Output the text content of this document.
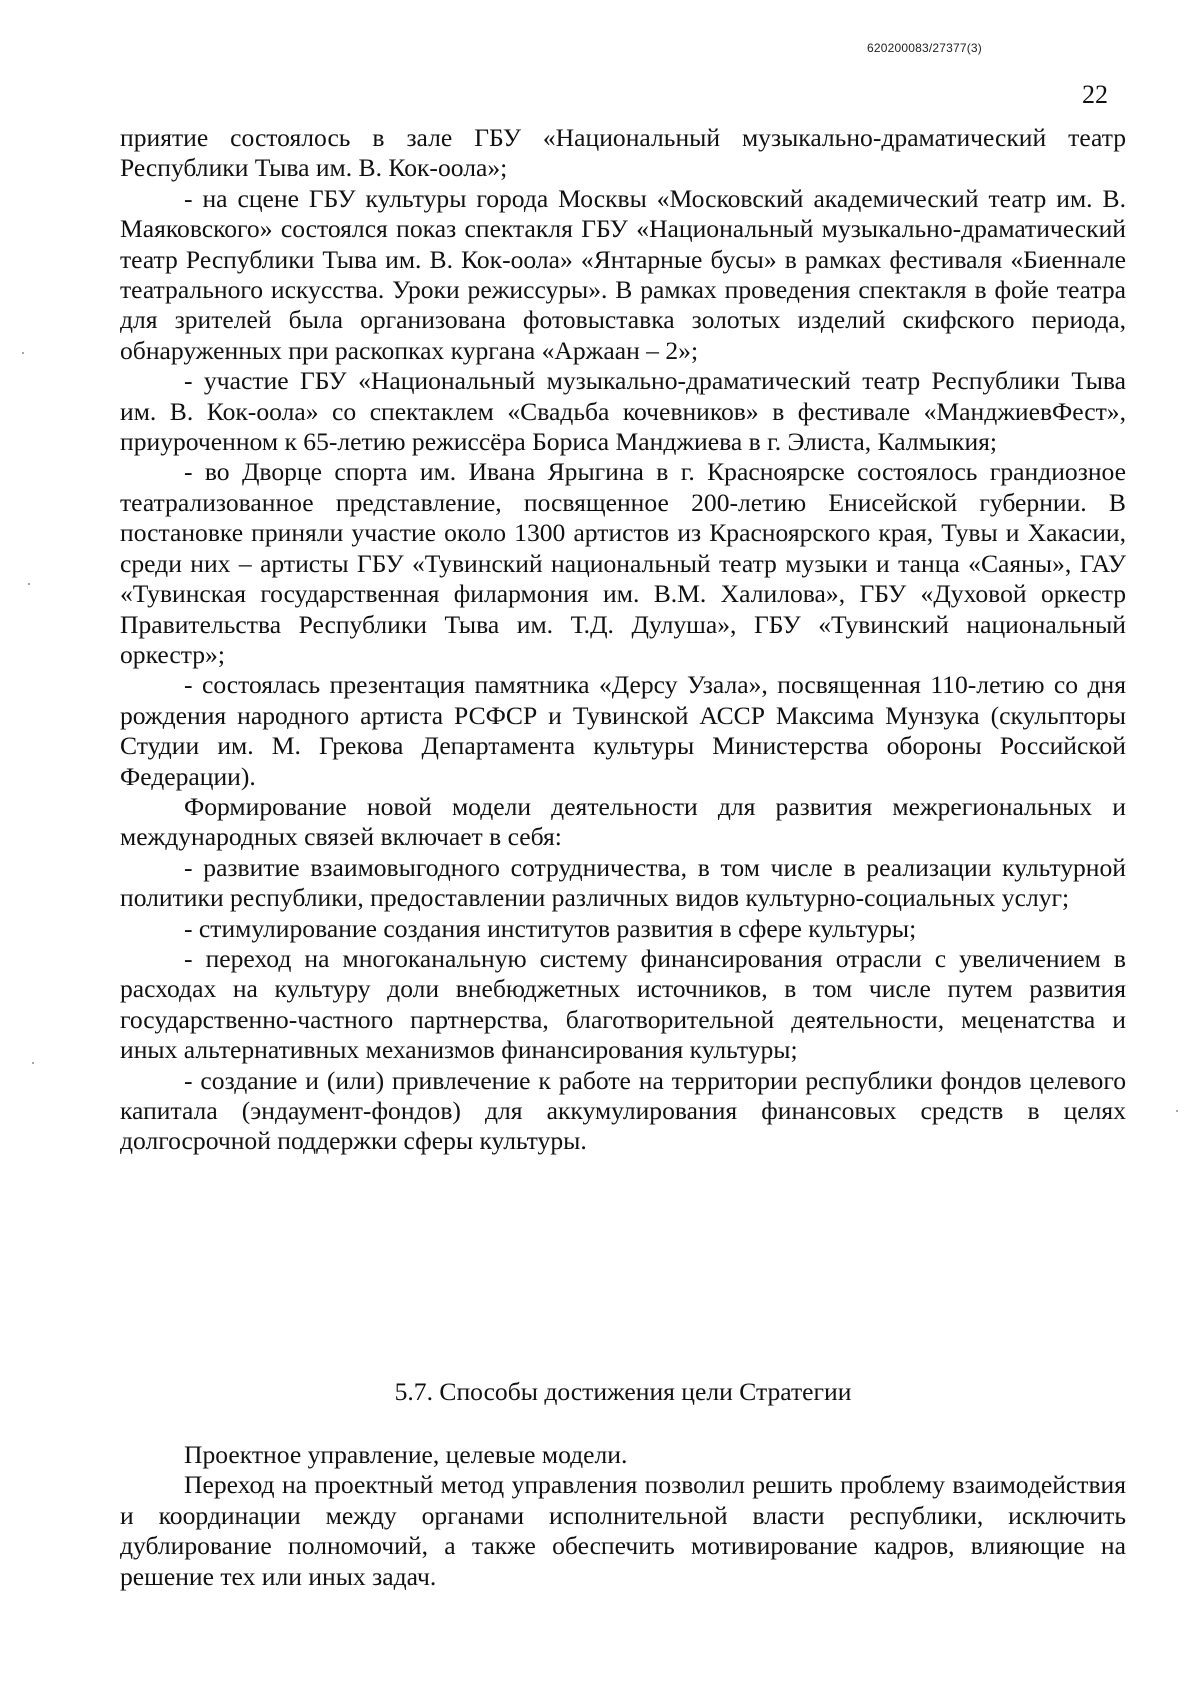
620200083/27377(3)
22

приятие состоялось в зале ГБУ «Национальный музыкально-драматический театр Республики Тыва им. В. Кок-оола»;

- на сцене ГБУ культуры города Москвы «Московский академический театр им. В. Маяковского» состоялся показ спектакля ГБУ «Национальный музыкально-драматический театр Республики Тыва им. В. Кок-оола» «Янтарные бусы» в рамках фестиваля «Биеннале театрального искусства. Уроки режиссуры». В рамках проведения спектакля в фойе театра для зрителей была организована фотовыставка золотых изделий скифского периода, обнаруженных при раскопках кургана «Аржаан – 2»;

- участие ГБУ «Национальный музыкально-драматический театр Республики Тыва им. В. Кок-оола» со спектаклем «Свадьба кочевников» в фестивале «МанджиевФест», приуроченном к 65-летию режиссёра Бориса Манджиева в г. Элиста, Калмыкия;

- во Дворце спорта им. Ивана Ярыгина в г. Красноярске состоялось грандиозное театрализованное представление, посвященное 200-летию Енисейской губернии. В постановке приняли участие около 1300 артистов из Красноярского края, Тувы и Хакасии, среди них – артисты ГБУ «Тувинский национальный театр музыки и танца «Саяны», ГАУ «Тувинская государственная филармония им. В.М. Халилова», ГБУ «Духовой оркестр Правительства Республики Тыва им. Т.Д. Дулуша», ГБУ «Тувинский национальный оркестр»;

- состоялась презентация памятника «Дерсу Узала», посвященная 110-летию со дня рождения народного артиста РСФСР и Тувинской АССР Максима Мунзука (скульпторы Студии им. М. Грекова Департамента культуры Министерства обороны Российской Федерации).

Формирование новой модели деятельности для развития межрегиональных и международных связей включает в себя:

- развитие взаимовыгодного сотрудничества, в том числе в реализации культурной политики республики, предоставлении различных видов культурно-социальных услуг;

- стимулирование создания институтов развития в сфере культуры;

- переход на многоканальную систему финансирования отрасли с увеличением в расходах на культуру доли внебюджетных источников, в том числе путем развития государственно-частного партнерства, благотворительной деятельности, меценатства и иных альтернативных механизмов финансирования культуры;

- создание и (или) привлечение к работе на территории республики фондов целевого капитала (эндаумент-фондов) для аккумулирования финансовых средств в целях долгосрочной поддержки сферы культуры.

5.7. Способы достижения цели Стратегии

Проектное управление, целевые модели.

Переход на проектный метод управления позволил решить проблему взаимодействия и координации между органами исполнительной власти республики, исключить дублирование полномочий, а также обеспечить мотивирование кадров, влияющие на решение тех или иных задач.
